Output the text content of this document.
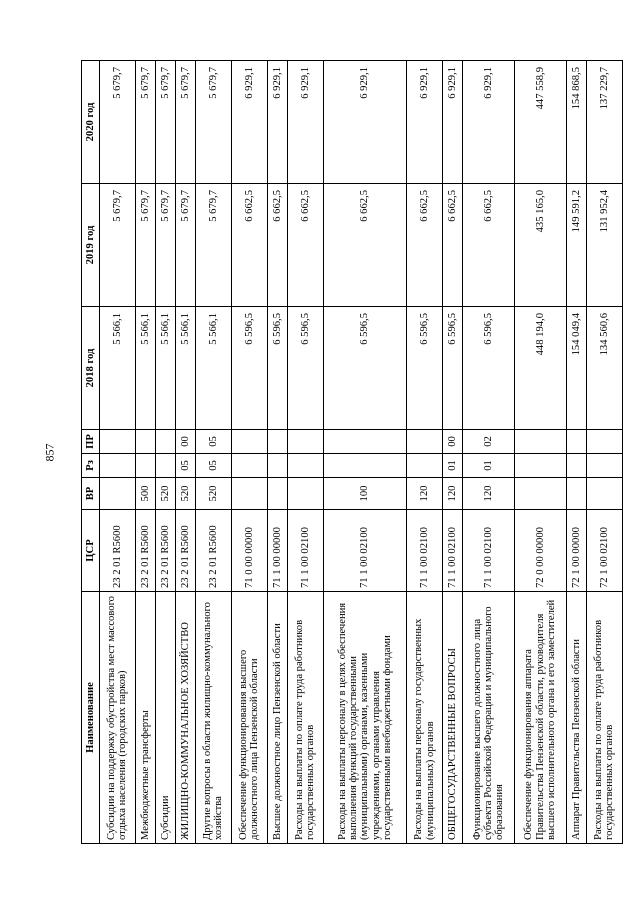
857
Наименование	ЦСР	ВР	Рз	ПР	2018 год	2019 год	2020 год
Субсидии на поддержку обустройства мест массового отдыха населения (городских парков)	23 2 01 R5600				5 566,1	5 679,7	5 679,7
Межбюджетные трансферты	23 2 01 R5600	500			5 566,1	5 679,7	5 679,7
Субсидии	23 2 01 R5600	520			5 566,1	5 679,7	5 679,7
ЖИЛИЩНО-КОММУНАЛЬНОЕ ХОЗЯЙСТВО	23 2 01 R5600	520	05	00	5 566,1	5 679,7	5 679,7
Другие вопросы в области жилищно-коммунального хозяйства	23 2 01 R5600	520	05	05	5 566,1	5 679,7	5 679,7
Обеспечение функционирования высшего должностного лица Пензенской области	71 0 00 00000				6 596,5	6 662,5	6 929,1
Высшее должностное лицо Пензенской области	71 1 00 00000				6 596,5	6 662,5	6 929,1
Расходы на выплаты по оплате труда работников государственных органов	71 1 00 02100				6 596,5	6 662,5	6 929,1
Расходы на выплаты персоналу в целях обеспечения выполнения функций государственными (муниципальными) органами, казенными учреждениями, органами управления государственными внебюджетными фондами	71 1 00 02100	100			6 596,5	6 662,5	6 929,1
Расходы на выплаты персоналу государственных (муниципальных) органов	71 1 00 02100	120			6 596,5	6 662,5	6 929,1
ОБЩЕГОСУДАРСТВЕННЫЕ ВОПРОСЫ	71 1 00 02100	120	01	00	6 596,5	6 662,5	6 929,1
Функционирование высшего должностного лица субъекта Российской Федерации и муниципального образования	71 1 00 02100	120	01	02	6 596,5	6 662,5	6 929,1
Обеспечение функционирования аппарата Правительства Пензенской области, руководителя высшего исполнительного органа и его заместителей	72 0 00 00000				448 194,0	435 165,0	447 558,9
Аппарат Правительства Пензенской области	72 1 00 00000				154 049,4	149 591,2	154 868,5
Расходы на выплаты по оплате труда работников государственных органов	72 1 00 02100				134 560,6	131 952,4	137 229,7
